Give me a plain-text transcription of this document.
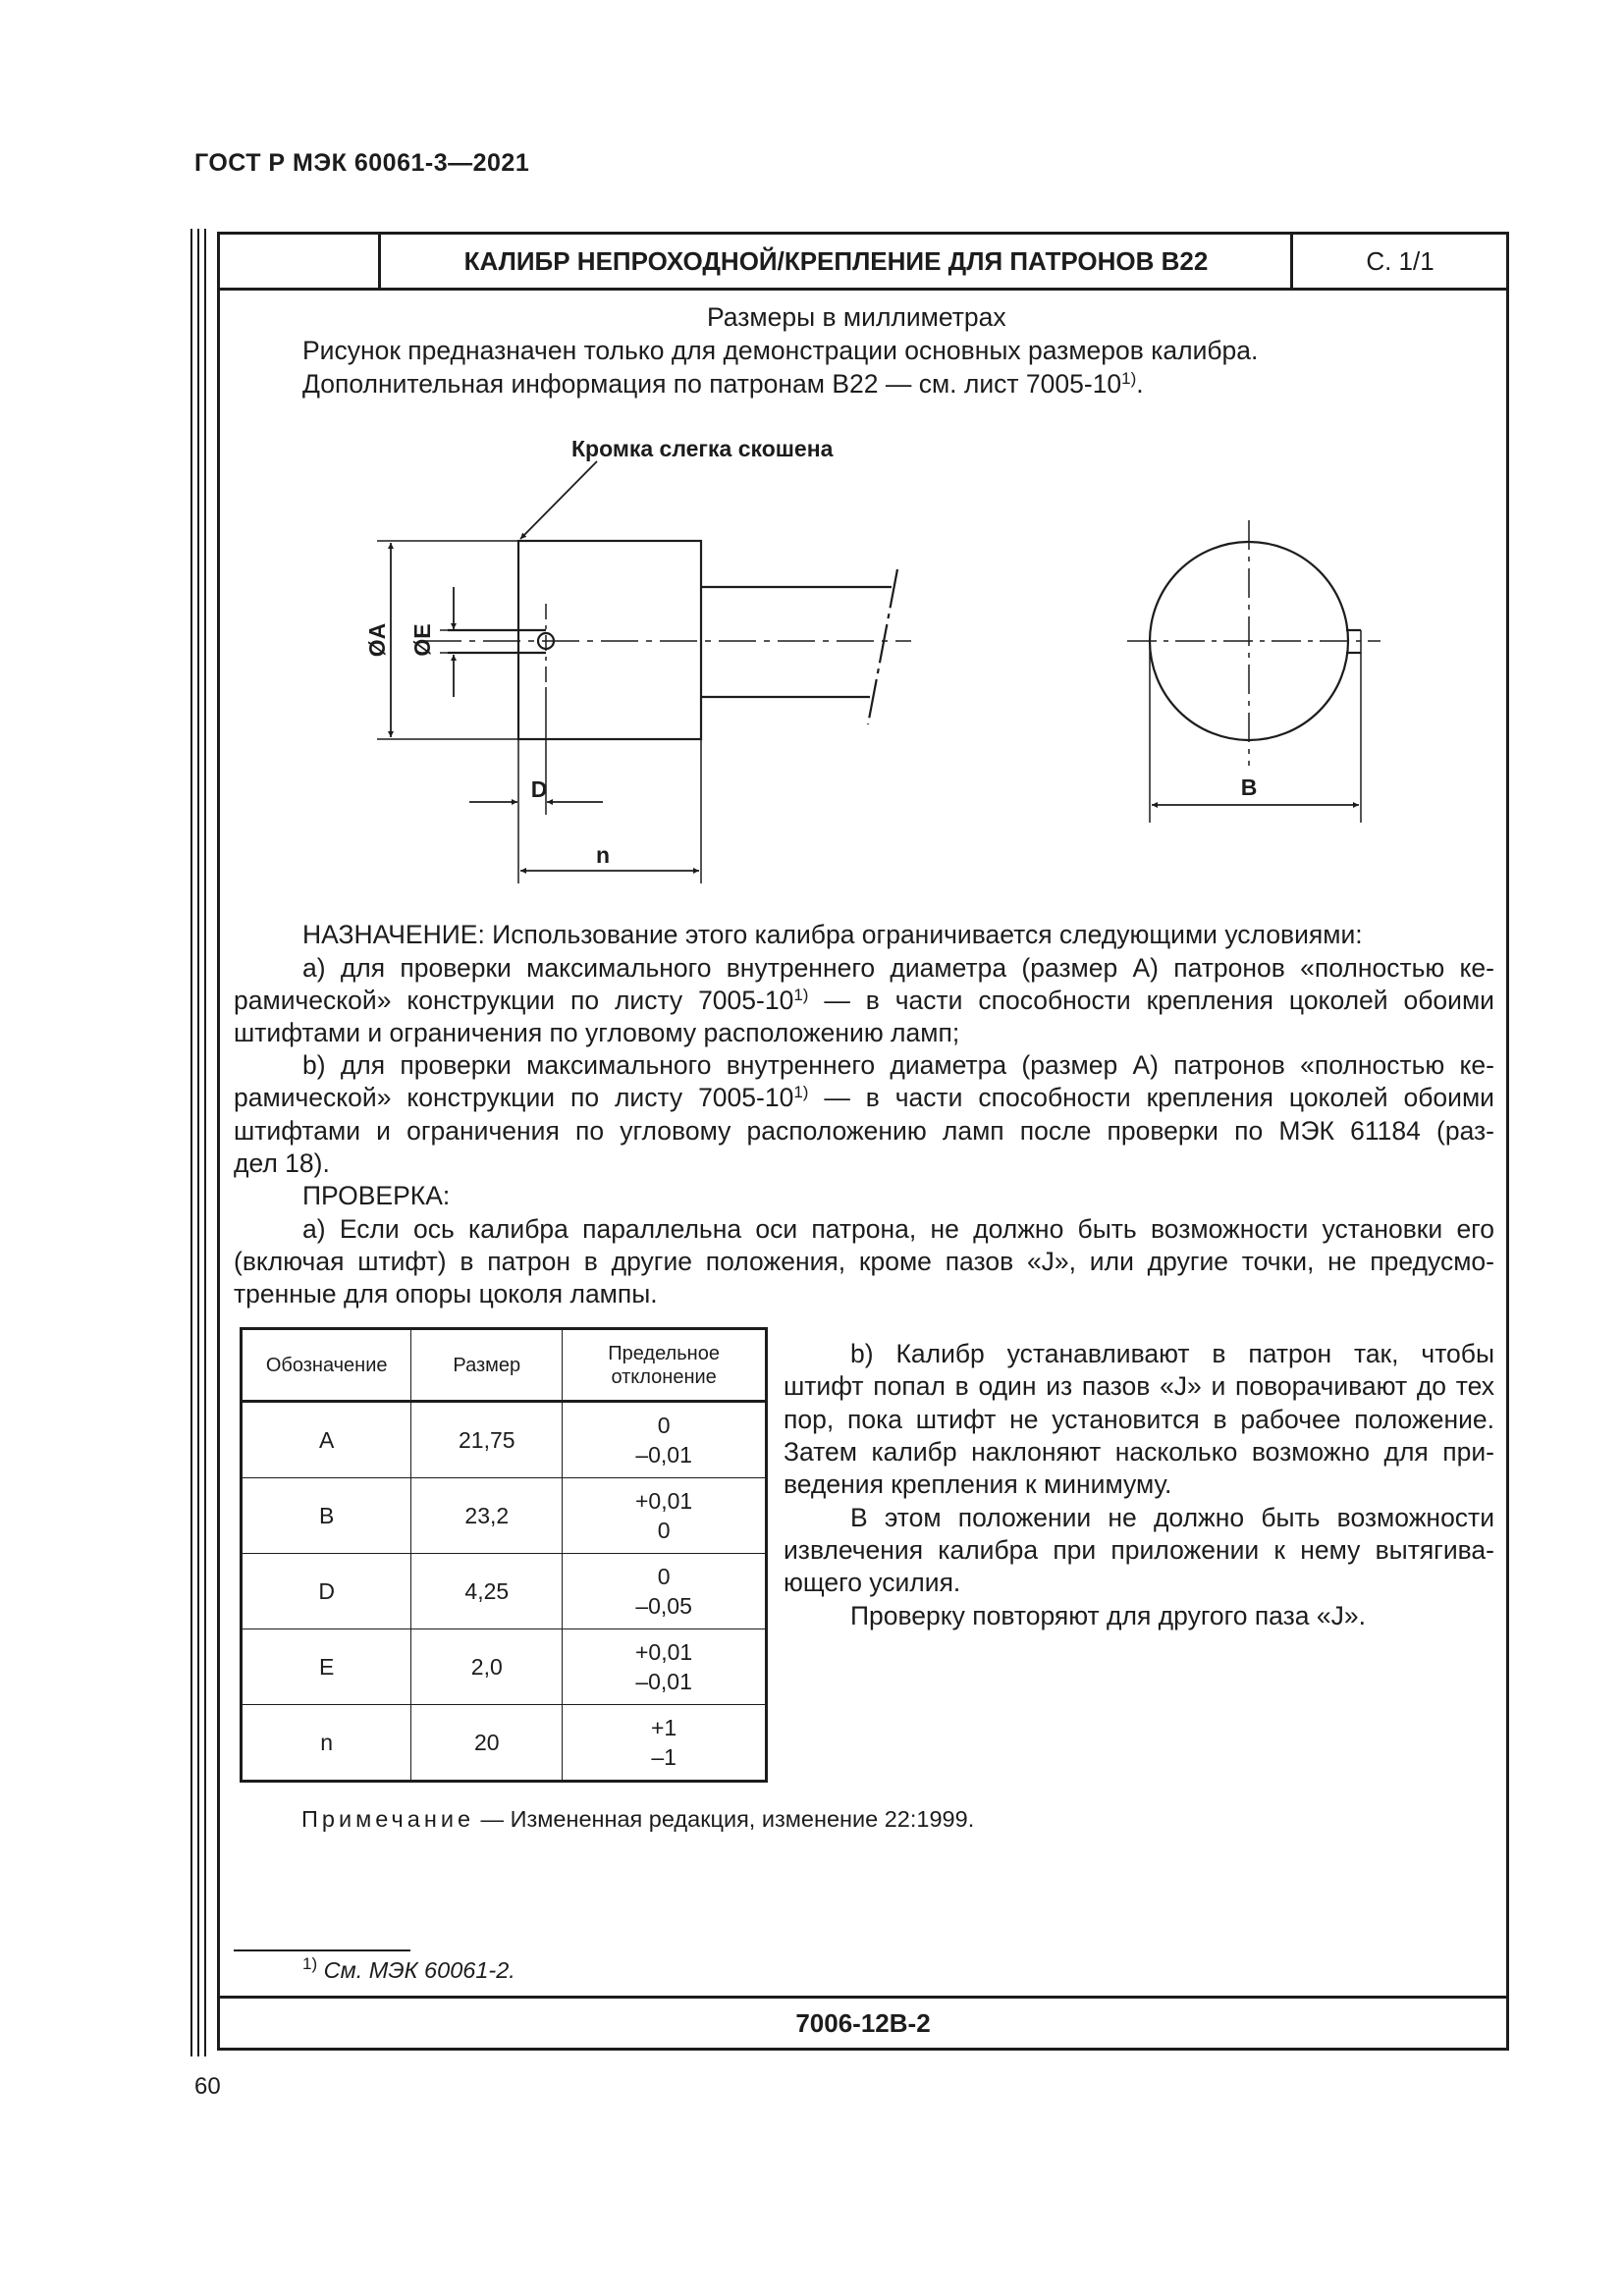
ГОСТ Р МЭК 60061-3—2021
КАЛИБР НЕПРОХОДНОЙ/КРЕПЛЕНИЕ ДЛЯ ПАТРОНОВ В22	С. 1/1
7006-12B-2
Размеры в миллиметрах
Рисунок предназначен только для демонстрации основных размеров калибра.
Дополнительная информация по патронам B22 — см. лист 7005-10$^{1)}$.
Кромка слегка скошена
ØA ØE
D
n
B
НАЗНАЧЕНИЕ: Использование этого калибра ограничивается следующими условиями:
а) для проверки максимального внутреннего диаметра (размер А) патронов «полностью ке-
рамической» конструкции по листу 7005-10$^{1)}$ — в части способности крепления цоколей обоими
штифтами и ограничения по угловому расположению ламп;
b) для проверки максимального внутреннего диаметра (размер А) патронов «полностью ке-
рамической» конструкции по листу 7005-10$^{1)}$ — в части способности крепления цоколей обоими
штифтами и ограничения по угловому расположению ламп после проверки по МЭК 61184 (раз-
дел 18).
ПРОВЕРКА:
а) Если ось калибра параллельна оси патрона, не должно быть возможности установки его
(включая штифт) в патрон в другие положения, кроме пазов «J», или другие точки, не предусмо-
тренные для опоры цоколя лампы.
b) Калибр устанавливают в патрон так, чтобы
штифт попал в один из пазов «J» и поворачивают до тех
пор, пока штифт не установится в рабочее положение.
Затем калибр наклоняют насколько возможно для при-
ведения крепления к минимуму.
В этом положении не должно быть возможности
извлечения калибра при приложении к нему вытягива-
ющего усилия.
Проверку повторяют для другого паза «J».
Обозначение	Размер	Предельное
отклонение
A	21,75	0
–0,01

B	23,2	+0,01
0

D	4,25	0
–0,05

E	2,0	+0,01
–0,01

n	20	+1
–1
Примечание — Измененная редакция, изменение 22:1999.
$^{1)}$ См. МЭК 60061-2.
60
